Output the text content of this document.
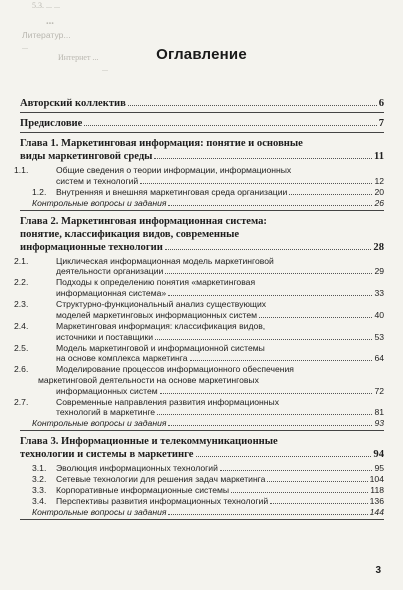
5.3. ... ...
...
Литератур...
...
Интернет ...
...
Оглавление
Авторский коллектив	6
Предисловие	7
Глава 1. Маркетинговая информация: понятие и основные
виды маркетинговой среды	11
1.1.	Общие сведения о теории информации, информационных
систем и технологий	12
1.2. Внутренняя и внешняя маркетинговая среда организации	20
Контрольные вопросы и задания	26
Глава 2. Маркетинговая информационная система:
понятие, классификация видов, современные
информационные технологии	28
2.1.	Циклическая информационная модель маркетинговой
деятельности организации	29
2.2.	Подходы к определению понятия «маркетинговая
информационная система»	33
2.3.	Структурно-функциональный анализ существующих
моделей маркетинговых информационных систем	40
2.4.	Маркетинговая информация: классификация видов,
источники и поставщики	53
2.5.	Модель маркетинговой и информационной системы
на основе комплекса маркетинга	64
2.6.	Моделирование процессов информационного обеспечения
маркетинговой деятельности на основе маркетинговых
информационных систем	72
2.7.	Современные направления развития информационных
технологий в маркетинге	81
Контрольные вопросы и задания	93
Глава 3. Информационные и телекоммуникационные
технологии и системы в маркетинге	94
3.1. Эволюция информационных технологий	95
3.2. Сетевые технологии для решения задач маркетинга	104
3.3. Корпоративные информационные системы	118
3.4. Перспективы развития информационных технологий	136
Контрольные вопросы и задания	144
3
